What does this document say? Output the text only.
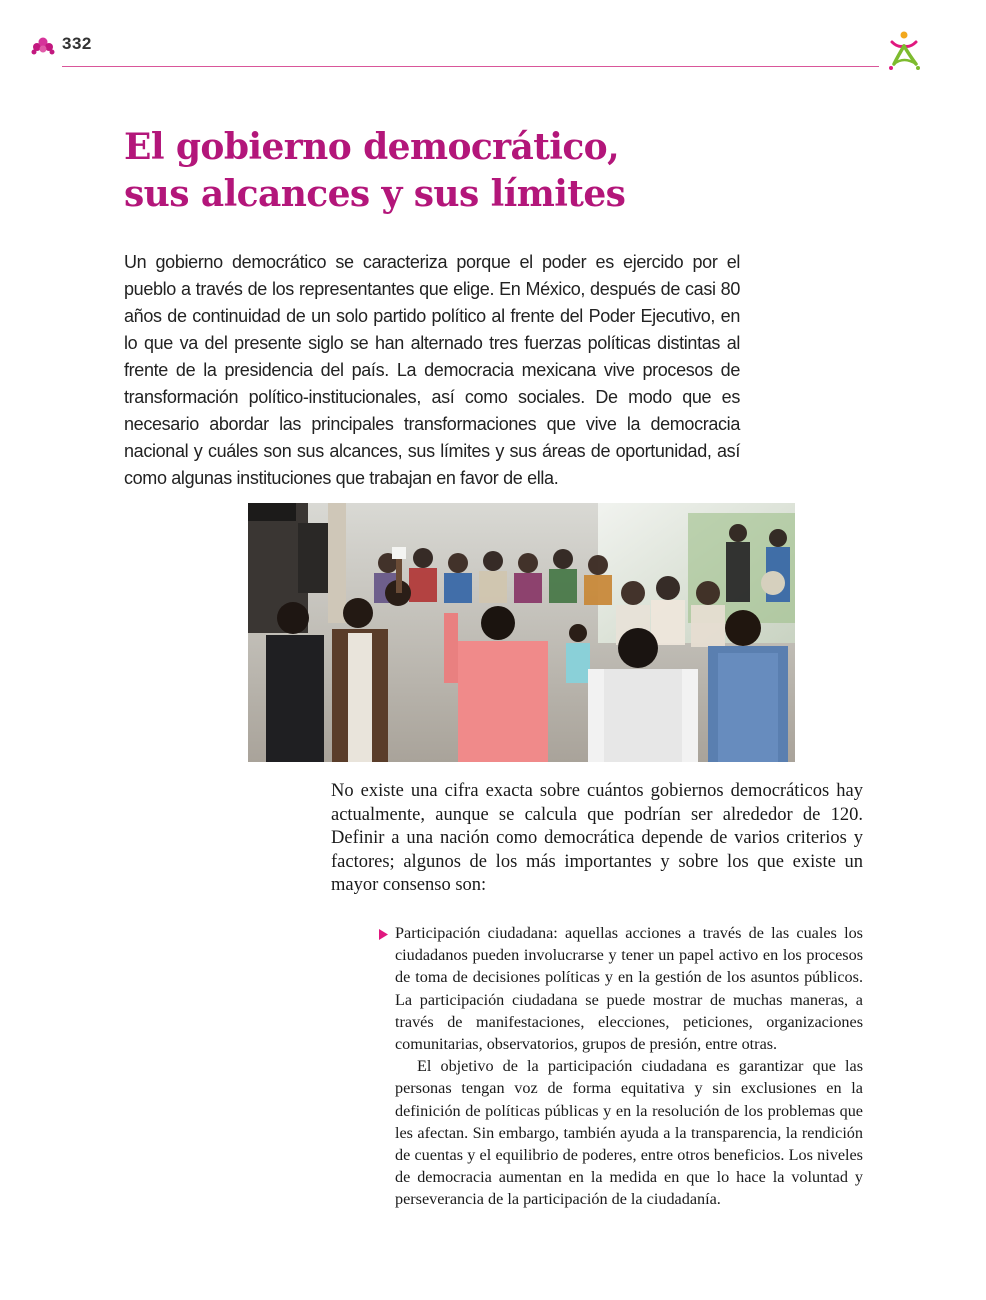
332
El gobierno democrático,
sus alcances y sus límites

Un gobierno democrático se caracteriza porque el poder es ejercido por el pueblo a través de los representantes que elige. En México, después de casi 80 años de continuidad de un solo partido político al frente del Poder Ejecutivo, en lo que va del presente siglo se han alternado tres fuerzas políticas distintas al frente de la presidencia del país. La democracia mexicana vive procesos de transformación político-institucionales, así como sociales. De modo que es necesario abordar las principales transformaciones que vive la democracia nacional y cuáles son sus alcances, sus límites y sus áreas de oportunidad, así como algunas instituciones que trabajan en favor de ella.

No existe una cifra exacta sobre cuántos gobiernos democráticos hay actualmente, aunque se calcula que podrían ser alrededor de 120. Definir a una nación como democrática depende de varios criterios y factores; algunos de los más importantes y sobre los que existe un mayor consenso son:

Participación ciudadana: aquellas acciones a través de las cuales los ciudadanos pueden involucrarse y tener un papel activo en los procesos de toma de decisiones políticas y en la gestión de los asuntos públicos. La participación ciudadana se puede mostrar de muchas maneras, a través de manifestaciones, elecciones, peticiones, organizaciones comunitarias, observatorios, grupos de presión, entre otras.

El objetivo de la participación ciudadana es garantizar que las personas tengan voz de forma equitativa y sin exclusiones en la definición de políticas públicas y en la resolución de los problemas que les afectan. Sin embargo, también ayuda a la transparencia, la rendición de cuentas y el equilibrio de poderes, entre otros beneficios. Los niveles de democracia aumentan en la medida en que lo hace la voluntad y perseverancia de la participación de la ciudadanía.
